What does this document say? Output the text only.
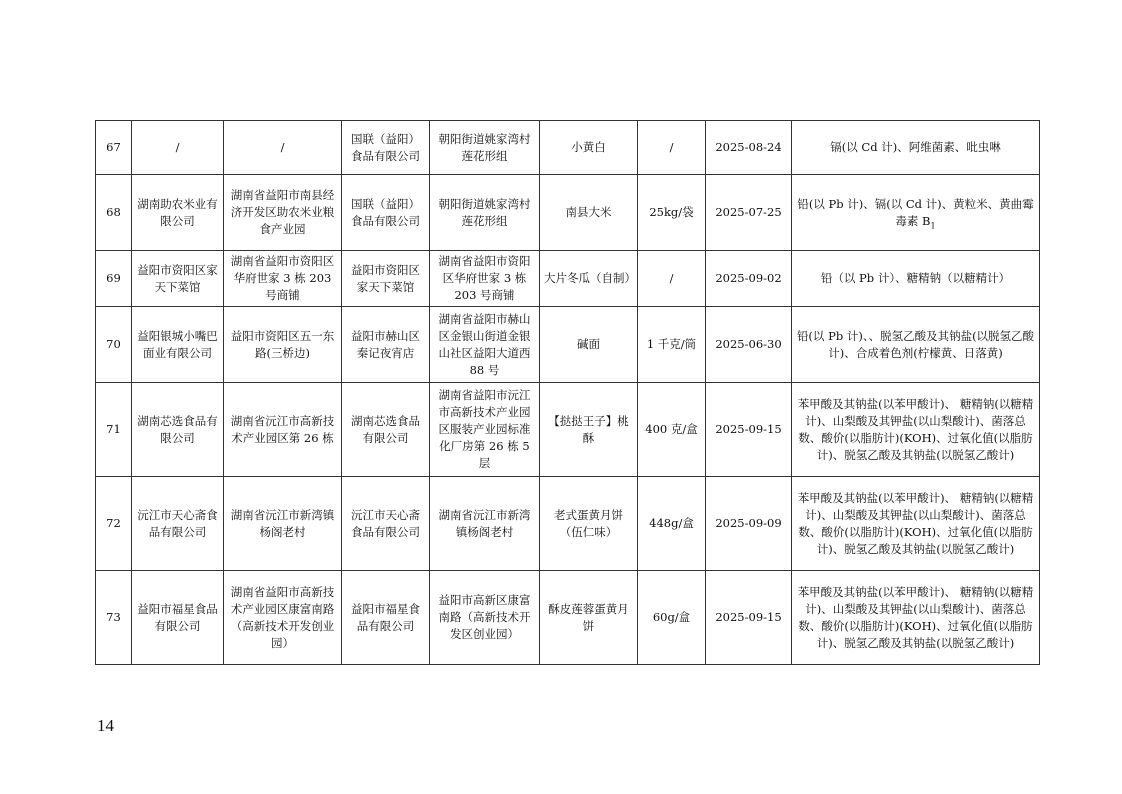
67	/	/	国联（益阳）食品有限公司	朝阳街道姚家湾村莲花形组	小黄白	/	2025-08-24	镉(以 Cd 计)、阿维菌素、吡虫啉
68	湖南助农米业有限公司	湖南省益阳市南县经济开发区助农米业粮食产业园	国联（益阳）食品有限公司	朝阳街道姚家湾村莲花形组	南县大米	25kg/袋	2025-07-25	铅(以 Pb 计)、镉(以 Cd 计)、黄粒米、黄曲霉毒素 $B_1$
69	益阳市资阳区家天下菜馆	湖南省益阳市资阳区华府世家 3 栋 203 号商铺	益阳市资阳区家天下菜馆	湖南省益阳市资阳区华府世家 3 栋 203 号商铺	大片冬瓜（自制）	/	2025-09-02	铅（以 Pb 计）、糖精钠（以糖精计）
70	益阳银城小嘴巴面业有限公司	益阳市资阳区五一东路(三桥边)	益阳市赫山区秦记夜宵店	湖南省益阳市赫山区金银山街道金银山社区益阳大道西 88 号	碱面	1 千克/筒	2025-06-30	铅(以 Pb 计)、、脱氢乙酸及其钠盐(以脱氢乙酸计)、合成着色剂(柠檬黄、日落黄)
71	湖南芯选食品有限公司	湖南省沅江市高新技术产业园区第 26 栋	湖南芯选食品有限公司	湖南省益阳市沅江市高新技术产业园区服装产业园标准化厂房第 26 栋 5 层	【挞挞王子】桃酥	400 克/盒	2025-09-15	苯甲酸及其钠盐(以苯甲酸计)、 糖精钠(以糖精计)、山梨酸及其钾盐(以山梨酸计)、菌落总数、酸价(以脂肪计)(KOH)、过氧化值(以脂肪计)、脱氢乙酸及其钠盐(以脱氢乙酸计)
72	沅江市天心斋食品有限公司	湖南省沅江市新湾镇杨阁老村	沅江市天心斋食品有限公司	湖南省沅江市新湾镇杨阁老村	老式蛋黄月饼（伍仁味）	448g/盒	2025-09-09	苯甲酸及其钠盐(以苯甲酸计)、 糖精钠(以糖精计)、山梨酸及其钾盐(以山梨酸计)、菌落总数、酸价(以脂肪计)(KOH)、过氧化值(以脂肪计)、脱氢乙酸及其钠盐(以脱氢乙酸计)
73	益阳市福星食品有限公司	湖南省益阳市高新技术产业园区康富南路（高新技术开发创业园）	益阳市福星食品有限公司	益阳市高新区康富南路（高新技术开发区创业园）	酥皮莲蓉蛋黄月饼	60g/盒	2025-09-15	苯甲酸及其钠盐(以苯甲酸计)、 糖精钠(以糖精计)、山梨酸及其钾盐(以山梨酸计)、菌落总数、酸价(以脂肪计)(KOH)、过氧化值(以脂肪计)、脱氢乙酸及其钠盐(以脱氢乙酸计)
14
